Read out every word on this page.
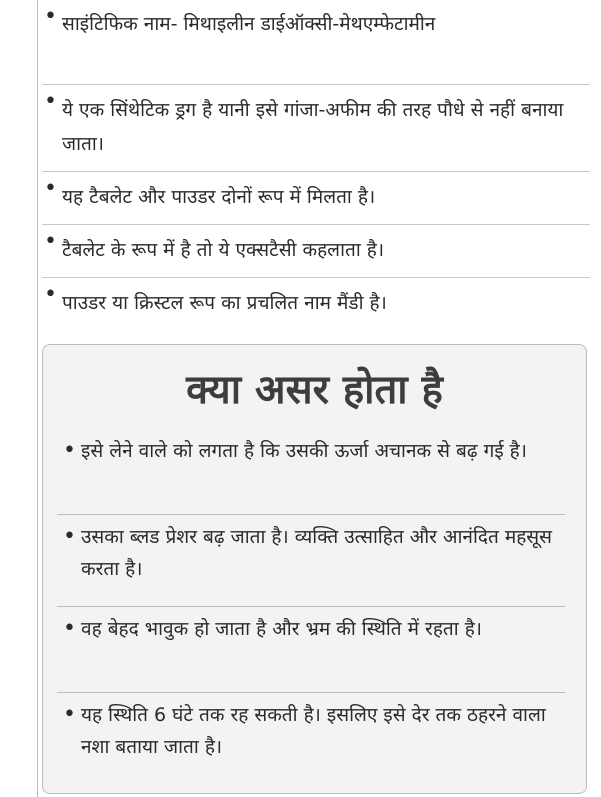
• साइंटिफिक नाम- मिथाइलीन डाईऑक्सी-मेथएम्फेटामीन
• ये एक सिंथेटिक ड्रग है यानी इसे गांजा-अफीम की तरह पौधे से नहीं बनाया जाता।
• यह टैबलेट और पाउडर दोनों रूप में मिलता है।
• टैबलेट के रूप में है तो ये एक्सटैसी कहलाता है।
• पाउडर या क्रिस्टल रूप का प्रचलित नाम मैंडी है।
क्या असर होता है
• इसे लेने वाले को लगता है कि उसकी ऊर्जा अचानक से बढ़ गई है।
• उसका ब्लड प्रेशर बढ़ जाता है। व्यक्ति उत्साहित और आनंदित महसूस करता है।
• वह बेहद भावुक हो जाता है और भ्रम की स्थिति में रहता है।
• यह स्थिति 6 घंटे तक रह सकती है। इसलिए इसे देर तक ठहरने वाला नशा बताया जाता है।
